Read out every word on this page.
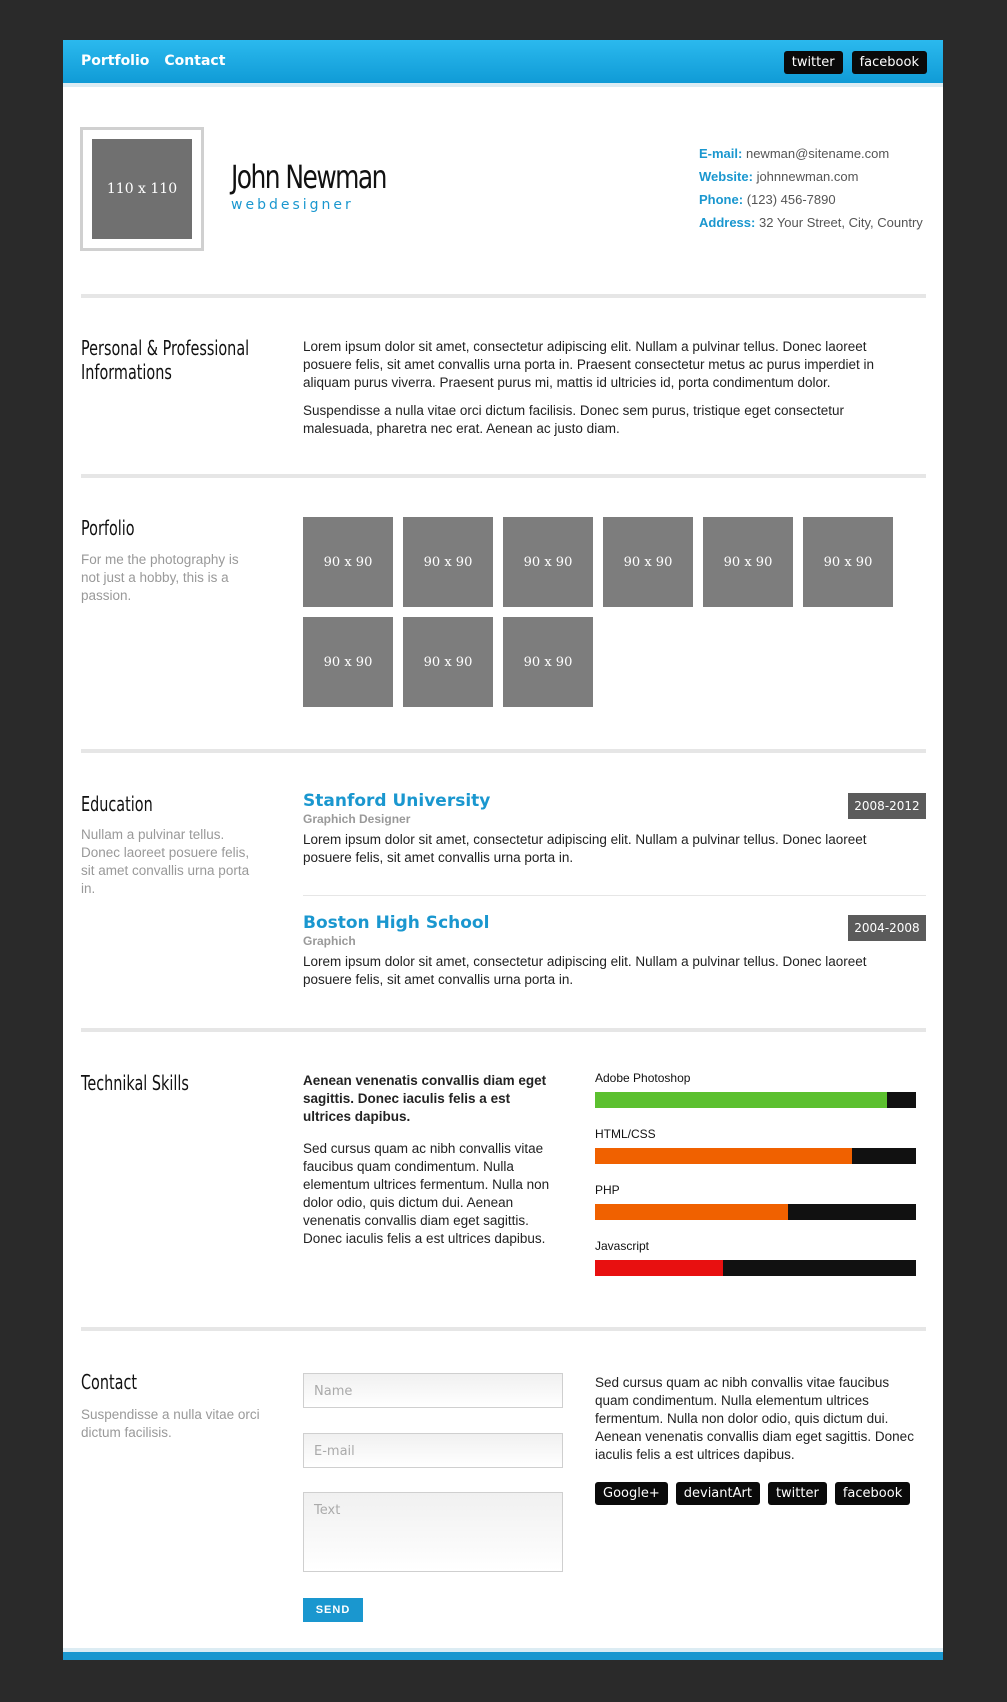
Portfolio Contact	twitter	facebook
110 x 110	John Newman
webdesigner
E-mail: newman@sitename.com
Website: johnnewman.com
Phone: (123) 456-7890
Address: 32 Your Street, City, Country
Personal & Professional
Informations

Lorem ipsum dolor sit amet, consectetur adipiscing elit. Nullam a pulvinar tellus. Donec laoreet posuere felis, sit amet convallis urna porta in. Praesent consectetur metus ac purus imperdiet in aliquam purus viverra. Praesent purus mi, mattis id ultricies id, porta condimentum dolor.

Suspendisse a nulla vitae orci dictum facilisis. Donec sem purus, tristique eget consectetur malesuada, pharetra nec erat. Aenean ac justo diam.

Porfolio
For me the photography is not just a hobby, this is a passion.
90 x 90	90 x 90	90 x 90	90 x 90	90 x 90	90 x 90
90 x 90	90 x 90	90 x 90
Education
Nullam a pulvinar tellus. Donec laoreet posuere felis, sit amet convallis urna porta in.
Stanford University
Graphich Designer
2008-2012
Lorem ipsum dolor sit amet, consectetur adipiscing elit. Nullam a pulvinar tellus. Donec laoreet posuere felis, sit amet convallis urna porta in.
Boston High School
Graphich
2004-2008
Lorem ipsum dolor sit amet, consectetur adipiscing elit. Nullam a pulvinar tellus. Donec laoreet posuere felis, sit amet convallis urna porta in.
Technikal Skills	Aenean venenatis convallis diam eget sagittis. Donec iaculis felis a est ultrices dapibus.
Sed cursus quam ac nibh convallis vitae faucibus quam condimentum. Nulla elementum ultrices fermentum. Nulla non dolor odio, quis dictum dui. Aenean venenatis convallis diam eget sagittis. Donec iaculis felis a est ultrices dapibus.
Adobe Photoshop
HTML/CSS
PHP
Javascript
Contact
Suspendisse a nulla vitae orci dictum facilisis.
Name
E-mail
Text
SEND
Sed cursus quam ac nibh convallis vitae faucibus quam condimentum. Nulla elementum ultrices fermentum. Nulla non dolor odio, quis dictum dui. Aenean venenatis convallis diam eget sagittis. Donec iaculis felis a est ultrices dapibus.
Google+	deviantArt	twitter	facebook
